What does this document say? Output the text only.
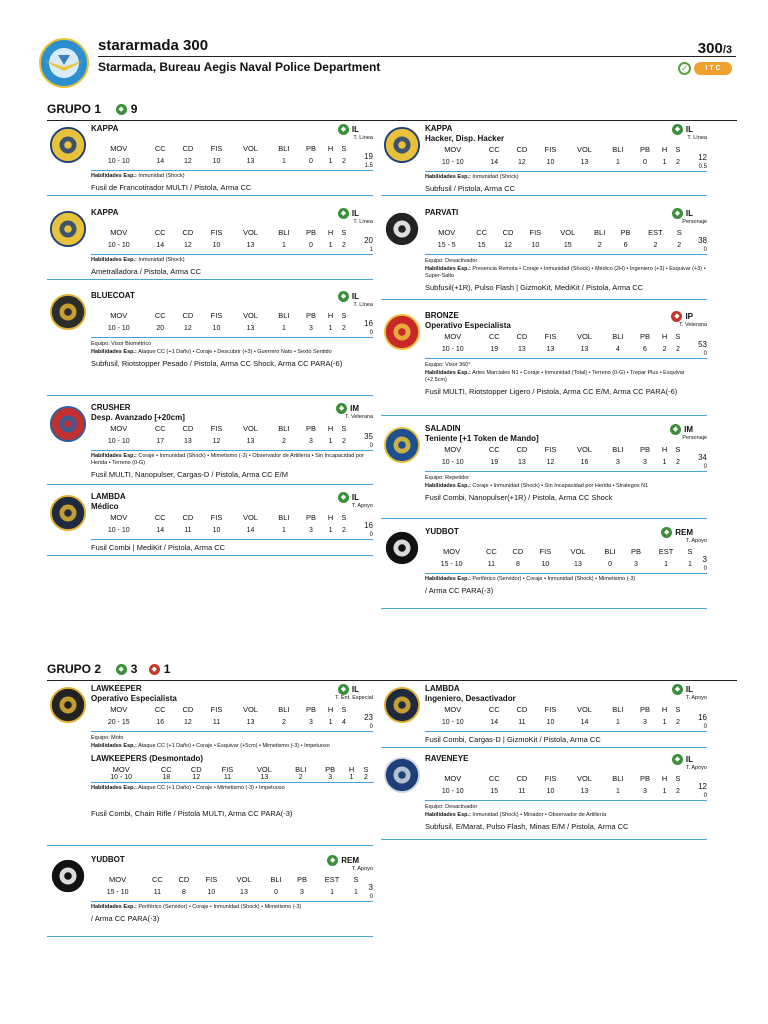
stararmada 300
Starmada, Bureau Aegis Naval Police Department
300/3
✓	I T C
GRUPO 1
	◆ 9
KAPPA	◆ IL
T. Línea
MOV	CC	CD	FIS	VOL	BLI	PB	H	S	
10 - 10	14	12	10	13	1	0	1	2	19
1.5
Habilidades Esp.: Inmunidad (Shock)
Fusil de Francotirador MULTI / Pistola, Arma CC
KAPPA	◆ IL
T. Línea
MOV	CC	CD	FIS	VOL	BLI	PB	H	S	
10 - 10	14	12	10	13	1	0	1	2	20
1
Habilidades Esp.: Inmunidad (Shock)
Ametralladora / Pistola, Arma CC
BLUECOAT	◆ IL
T. Línea
MOV	CC	CD	FIS	VOL	BLI	PB	H	S	
10 - 10	20	12	10	13	1	3	1	2	16
0
Equipo: Visor Biométrico
Habilidades Esp.: Ataque CC (+1 Daño) • Coraje • Descubrir (+3) • Guerrero Nato • Sexto Sentido
Subfusil, Riotstopper Pesado / Pistola, Arma CC Shock, Arma CC PARA(-6)
CRUSHER
Desp. Avanzado [+20cm]
◆ IM
T. Veterana
MOV	CC	CD	FIS	VOL	BLI	PB	H	S	
10 - 10	17	13	12	13	2	3	1	2	35
0
Habilidades Esp.: Coraje • Inmunidad (Shock) • Mimetismo (-3) • Observador de Artillería • Sin Incapacidad por Herida • Terreno (0-G)
Fusil MULTI, Nanopulser, Cargas-D / Pistola, Arma CC E/M
LAMBDA
Médico
◆ IL
T. Apoyo
MOV	CC	CD	FIS	VOL	BLI	PB	H	S	
10 - 10	14	11	10	14	1	3	1	2	16
0
Fusil Combi | MediKit / Pistola, Arma CC
KAPPA
Hacker, Disp. Hacker
◆ IL
T. Línea
MOV	CC	CD	FIS	VOL	BLI	PB	H	S	
10 - 10	14	12	10	13	1	0	1	2	12
0.5
Habilidades Esp.: Inmunidad (Shock)
Subfusil / Pistola, Arma CC
PARVATI	◆ IL
Personaje
MOV	CC	CD	FIS	VOL	BLI	PB	EST	S	
15 - 5	15	12	10	15	2	6	2	2	38
0
Equipo: Desactivador
Habilidades Esp.: Presencia Remota • Coraje • Inmunidad (Shock) • Médico (2H) • Ingeniero (+3) • Esquivar (+3) • Super-Salto
Subfusil(+1R), Pulso Flash | GizmoKit, MediKit / Pistola, Arma CC
BRONZE
Operativo Especialista
◆ IP
T. Veterana
MOV	CC	CD	FIS	VOL	BLI	PB	H	S	
10 - 10	19	13	13	13	4	6	2	2	53
0
Equipo: Visor 360°
Habilidades Esp.: Artes Marciales N1 • Coraje • Inmunidad (Total) • Terreno (0-G) • Trepar Plus • Esquivar (+2.5cm)
Fusil MULTI, Riotstopper Ligero / Pistola, Arma CC E/M, Arma CC PARA(-6)
SALADIN
Teniente [+1 Token de Mando]
◆ IM
Personaje
MOV	CC	CD	FIS	VOL	BLI	PB	H	S	
10 - 10	19	13	12	16	3	3	1	2	34
0
Equipo: Repetidor
Habilidades Esp.: Coraje • Inmunidad (Shock) • Sin Incapacidad por Herida • Strategos N1
Fusil Combi, Nanopulser(+1R) / Pistola, Arma CC Shock
YUDBOT	◆ REM
T. Apoyo
MOV	CC	CD	FIS	VOL	BLI	PB	EST	S	
15 - 10	11	8	10	13	0	3	1	1	3
0
Habilidades Esp.: Periférico (Servidor) • Coraje • Inmunidad (Shock) • Mimetismo (-3)
/ Arma CC PARA(-3)
GRUPO 2
	◆ 3
	◆ 1
LAWKEEPER
Operativo Especialista
◆ IL
T. Ent. Especial
MOV	CC	CD	FIS	VOL	BLI	PB	H	S	
20 - 15	16	12	11	13	2	3	1	4	23
0
Equipo: Moto
Habilidades Esp.: Ataque CC (+1 Daño) • Coraje • Esquivar (+5cm) • Mimetismo (-3) • Impetuoso
LAWKEEPERS (Desmontado)
MOV	CC	CD	FIS	VOL	BLI	PB	H	S	
10 - 10	18	12	11	13	2	3	1	2	
Habilidades Esp.: Ataque CC (+1 Daño) • Coraje • Mimetismo (-3) • Impetuoso
Fusil Combi, Chain Rifle / Pistola MULTI, Arma CC PARA(-3)
YUDBOT	◆ REM
T. Apoyo
MOV	CC	CD	FIS	VOL	BLI	PB	EST	S	
15 - 10	11	8	10	13	0	3	1	1	3
0
Habilidades Esp.: Periférico (Servidor) • Coraje • Inmunidad (Shock) • Mimetismo (-3)
/ Arma CC PARA(-3)
LAMBDA
Ingeniero, Desactivador
◆ IL
T. Apoyo
MOV	CC	CD	FIS	VOL	BLI	PB	H	S	
10 - 10	14	11	10	14	1	3	1	2	16
0
Fusil Combi, Cargas-D | GizmoKit / Pistola, Arma CC
RAVENEYE	◆ IL
T. Apoyo
MOV	CC	CD	FIS	VOL	BLI	PB	H	S	
10 - 10	15	11	10	13	1	3	1	2	12
0
Equipo: Desactivador
Habilidades Esp.: Inmunidad (Shock) • Minador • Observador de Artillería
Subfusil, E/Marat, Pulso Flash, Minas E/M / Pistola, Arma CC
